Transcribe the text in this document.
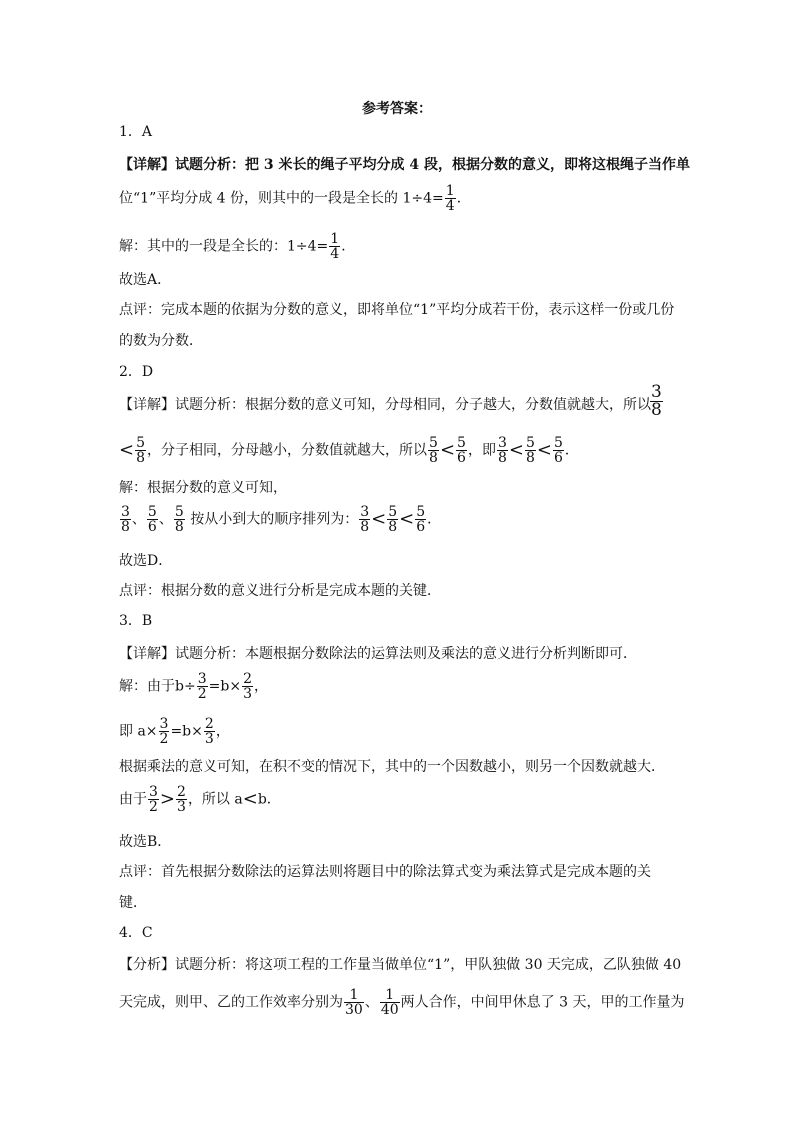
参考答案：
1．A
【详解】试题分析：把 3 米长的绳子平均分成 4 段，根据分数的意义，即将这根绳子当作单
位“1”平均分成 4 份，则其中的一段是全长的 $1\div 4= \frac{1}{4}$ ．
解：其中的一段是全长的：$1\div 4= \frac{1}{4}$ ．
故选A．
点评：完成本题的依据为分数的意义，即将单位“1”平均分成若干份，表示这样一份或几份
的数为分数．
2．D
【详解】试题分析：根据分数的意义可知，分母相同，分子越大，分数值就越大，所以 $\frac{3}{8}$
< $\frac{5}{8}$ ，分子相同，分母越小，分数值就越大，所以 $\frac{5}{8} < \frac{5}{6}$ ，即 $\frac{3}{8} < \frac{5}{8} < \frac{5}{6}$ ．
解：根据分数的意义可知，
$\frac{3}{8}$ 、 $\frac{5}{6}$ 、 $\frac{5}{8}$ 按从小到大的顺序排列为： $\frac{3}{8} < \frac{5}{8} < \frac{5}{6}$ ．
故选D．
点评：根据分数的意义进行分析是完成本题的关键．
3．B
【详解】试题分析：本题根据分数除法的运算法则及乘法的意义进行分析判断即可．
解：由于$b\div \frac{3}{2} =b\times \frac{2}{3}$ ，
即 $a\times \frac{3}{2} =b\times \frac{2}{3}$ ，
根据乘法的意义可知，在积不变的情况下，其中的一个因数越小，则另一个因数就越大．
由于 $\frac{3}{2} > \frac{2}{3}$ ，所以 a<b．
故选B．
点评：首先根据分数除法的运算法则将题目中的除法算式变为乘法算式是完成本题的关
键．
4．C
【分析】试题分析：将这项工程的工作量当做单位“1”，甲队独做 30 天完成，乙队独做 40
天完成，则甲、乙的工作效率分别为 $\frac{1}{30}$ 、 $\frac{1}{40}$ 两人合作，中间甲休息了 3 天，甲的工作量为
